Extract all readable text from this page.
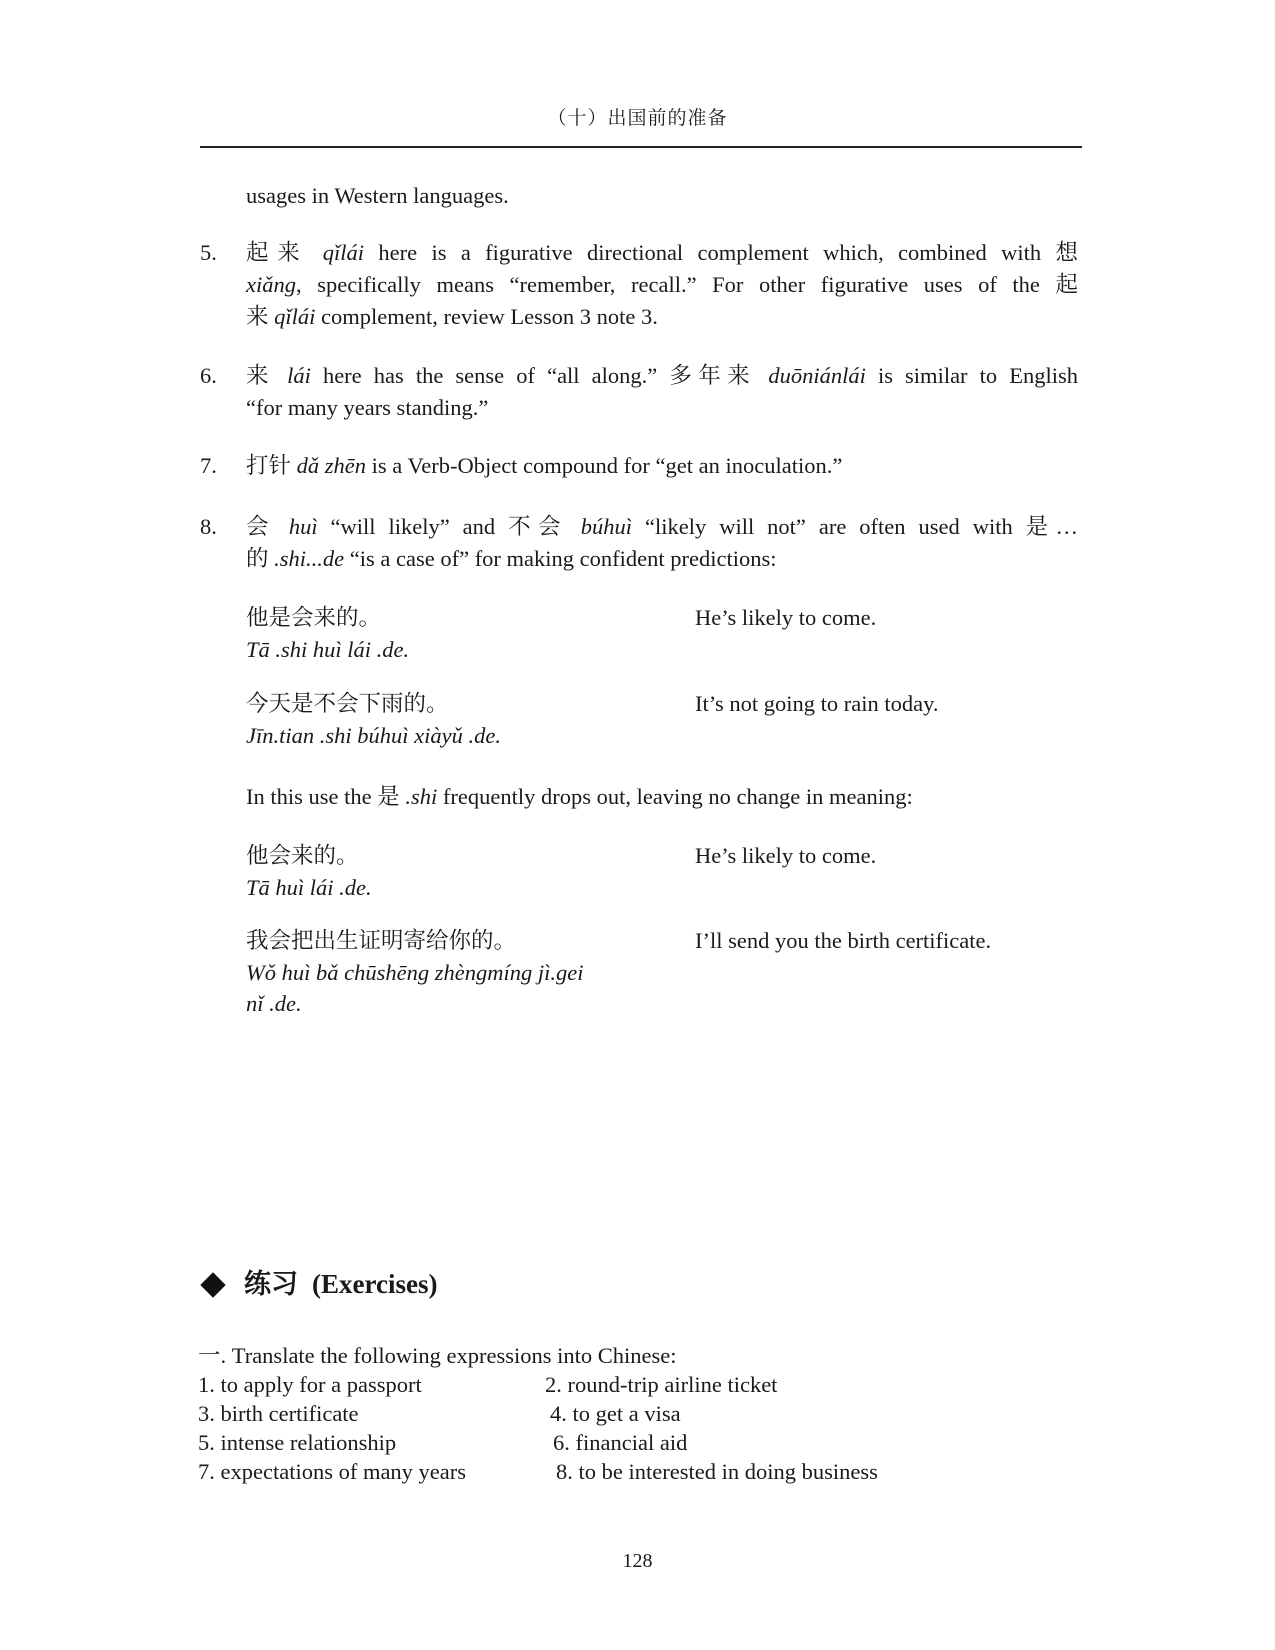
（十）出国前的准备
usages in Western languages.
5. 起来 qǐlái here is a figurative directional complement which, combined with 想
xiǎng, specifically means “remember, recall.” For other figurative uses of the 起
来 qǐlái complement, review Lesson 3 note 3.
6. 来 lái here has the sense of “all along.” 多年来 duōniánlái is similar to English
“for many years standing.”
7. 打针 dǎ zhēn is a Verb-Object compound for “get an inoculation.”
8. 会 huì “will likely” and 不会 búhuì “likely will not” are often used with 是…
的 .shi...de “is a case of” for making confident predictions:
他是会来的。
Tā .shi huì lái .de.
He’s likely to come.
今天是不会下雨的。
Jīn.tian .shi búhuì xiàyǔ .de.
It’s not going to rain today.
In this use the 是 .shi frequently drops out, leaving no change in meaning:
他会来的。
Tā huì lái .de.
He’s likely to come.
我会把出生证明寄给你的。
Wǒ huì bǎ chūshēng zhèngmíng jì.gei
nǐ .de.
I’ll send you the birth certificate.
练习 (Exercises)
一. Translate the following expressions into Chinese:
1. to apply for a passport	2. round-trip airline ticket
3. birth certificate	4. to get a visa
5. intense relationship	6. financial aid
7. expectations of many years	8. to be interested in doing business
128
